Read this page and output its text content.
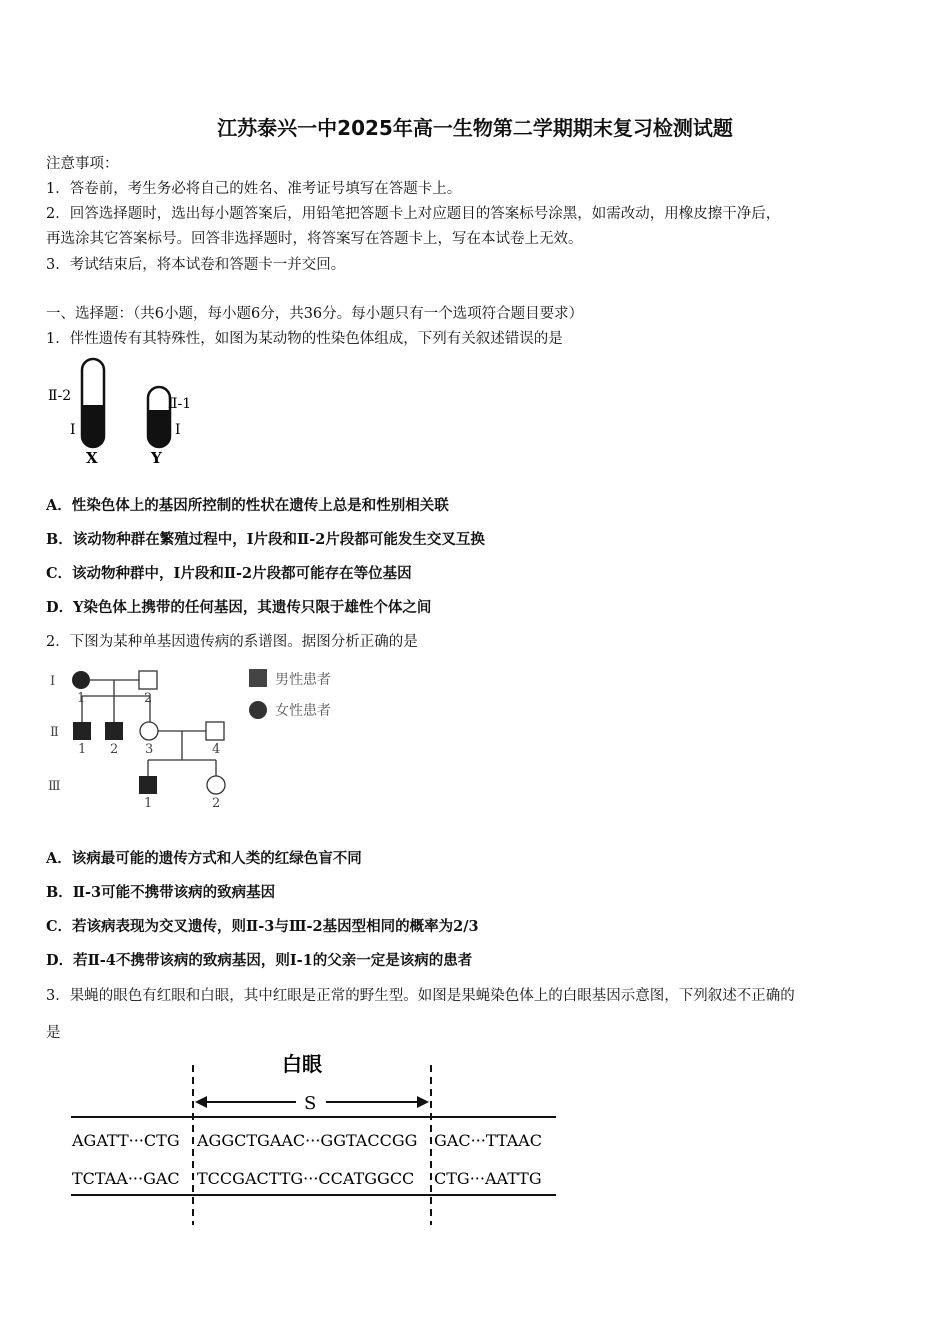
江苏泰兴一中2025年高一生物第二学期期末复习检测试题
注意事项：
1．答卷前，考生务必将自己的姓名、准考证号填写在答题卡上。
2．回答选择题时，选出每小题答案后，用铅笔把答题卡上对应题目的答案标号涂黑，如需改动，用橡皮擦干净后，
再选涂其它答案标号。回答非选择题时，将答案写在答题卡上，写在本试卷上无效。
3．考试结束后，将本试卷和答题卡一并交回。
一、选择题：（共6小题，每小题6分，共36分。每小题只有一个选项符合题目要求）
1．伴性遗传有其特殊性，如图为某动物的性染色体组成，下列有关叙述错误的是
Ⅱ-2
Ⅰ
Ⅱ-1
Ⅰ
X	Y
A．性染色体上的基因所控制的性状在遗传上总是和性别相关联
B．该动物种群在繁殖过程中，Ⅰ片段和Ⅱ-2片段都可能发生交叉互换
C．该动物种群中，Ⅰ片段和Ⅱ-2片段都可能存在等位基因
D．Y染色体上携带的任何基因，其遗传只限于雄性个体之间
2．下图为某种单基因遗传病的系谱图。据图分析正确的是
Ⅰ
Ⅱ
Ⅲ
1	2
1 2 3	4
1	2
男性患者
女性患者
A．该病最可能的遗传方式和人类的红绿色盲不同
B．Ⅱ-3可能不携带该病的致病基因
C．若该病表现为交叉遗传，则Ⅱ-3与Ⅲ-2基因型相同的概率为2/3
D．若Ⅱ-4不携带该病的致病基因，则Ⅰ-1的父亲一定是该病的患者
3．果蝇的眼色有红眼和白眼，其中红眼是正常的野生型。如图是果蝇染色体上的白眼基因示意图，下列叙述不正确的
是
白眼
S
AGATT···CTG AGGCTGAAC···GGTACCGG GAC···TTAAC
TCTAA···GAC TCCGACTTG···CCATGGCC CTG···AATTG
